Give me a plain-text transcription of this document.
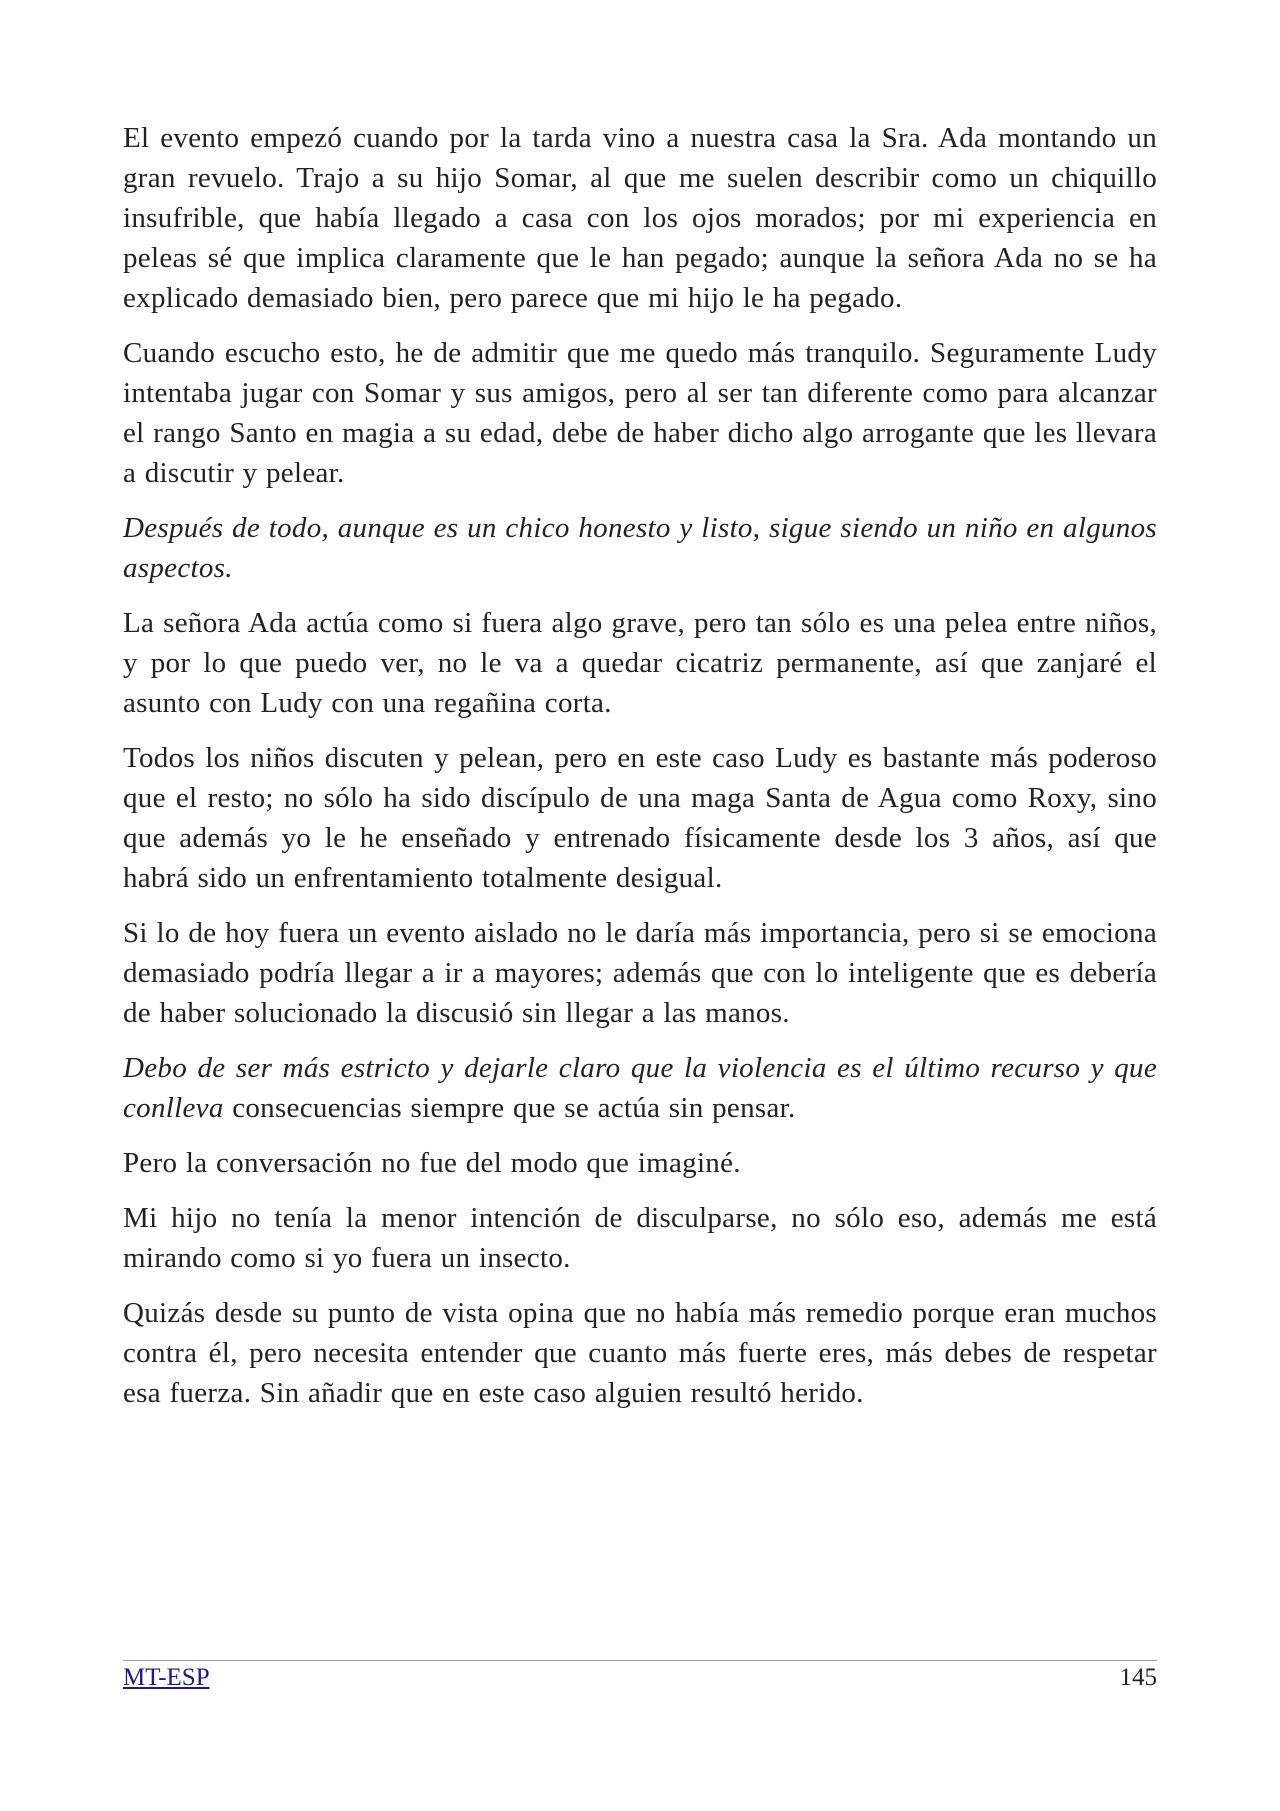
El evento empezó cuando por la tarda vino a nuestra casa la Sra. Ada montando un gran revuelo. Trajo a su hijo Somar, al que me suelen describir como un chiquillo insufrible, que había llegado a casa con los ojos morados; por mi experiencia en peleas sé que implica claramente que le han pegado; aunque la señora Ada no se ha explicado demasiado bien, pero parece que mi hijo le ha pegado.

Cuando escucho esto, he de admitir que me quedo más tranquilo. Seguramente Ludy intentaba jugar con Somar y sus amigos, pero al ser tan diferente como para alcanzar el rango Santo en magia a su edad, debe de haber dicho algo arrogante que les llevara a discutir y pelear.

Después de todo, aunque es un chico honesto y listo, sigue siendo un niño en algunos aspectos.

La señora Ada actúa como si fuera algo grave, pero tan sólo es una pelea entre niños, y por lo que puedo ver, no le va a quedar cicatriz permanente, así que zanjaré el asunto con Ludy con una regañina corta.

Todos los niños discuten y pelean, pero en este caso Ludy es bastante más poderoso que el resto; no sólo ha sido discípulo de una maga Santa de Agua como Roxy, sino que además yo le he enseñado y entrenado físicamente desde los 3 años, así que habrá sido un enfrentamiento totalmente desigual.

Si lo de hoy fuera un evento aislado no le daría más importancia, pero si se emociona demasiado podría llegar a ir a mayores; además que con lo inteligente que es debería de haber solucionado la discusió sin llegar a las manos.

Debo de ser más estricto y dejarle claro que la violencia es el último recurso y que conlleva consecuencias siempre que se actúa sin pensar.

Pero la conversación no fue del modo que imaginé.

Mi hijo no tenía la menor intención de disculparse, no sólo eso, además me está mirando como si yo fuera un insecto.

Quizás desde su punto de vista opina que no había más remedio porque eran muchos contra él, pero necesita entender que cuanto más fuerte eres, más debes de respetar esa fuerza. Sin añadir que en este caso alguien resultó herido.

MT-ESP	145
